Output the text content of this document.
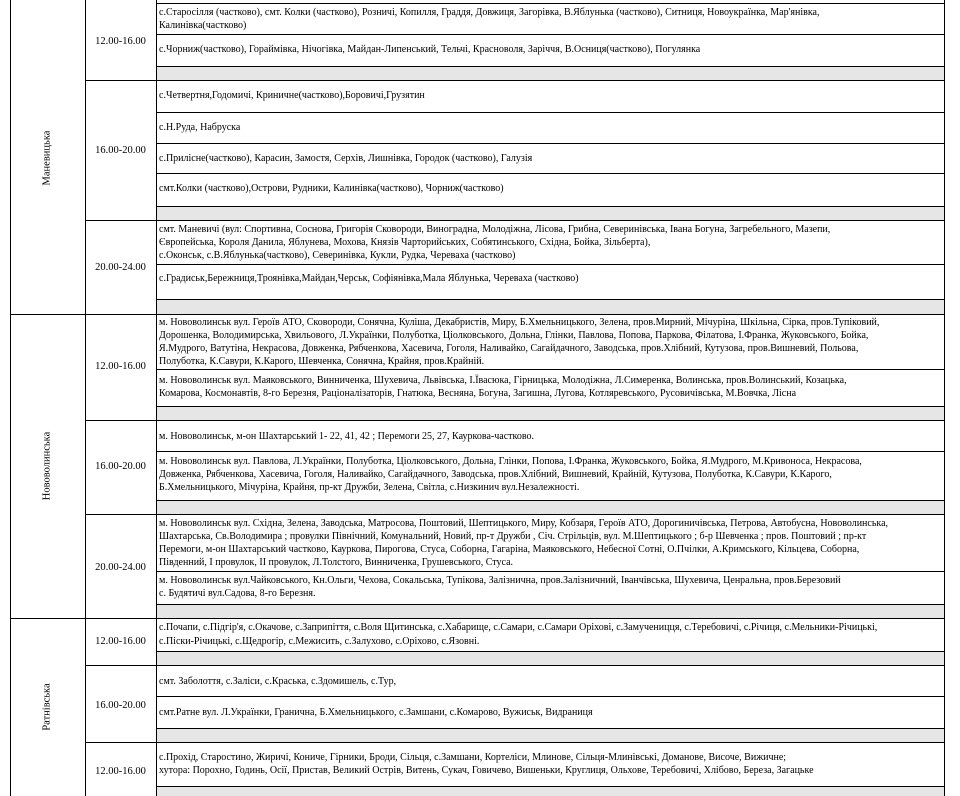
Маневицька
Нововолинська
Ратнівська
12.00-16.00
16.00-20.00
20.00-24.00
12.00-16.00
16.00-20.00
20.00-24.00
12.00-16.00
16.00-20.00
12.00-16.00
с.Старосілля (частково), смт. Колки (частково), Розничі, Копилля, Граддя, Довжиця, Загорівка, В.Яблунька (частково), Ситниця, Новоукраїнка, Мар'янівка,
Калинівка(частково)
с.Чорниж(частково), Гораймівка, Нічогівка, Майдан-Липенський, Тельчі, Красноволя, Заріччя, В.Осниця(частково), Погулянка
с.Четвертня,Годомичі, Криничне(частково),Боровичі,Грузятин
с.Н.Руда, Набруска
с.Прилісне(частково), Карасин, Замостя, Серхів, Лишнівка, Городок (частково), Галузія
смт.Колки (частково),Острови, Рудники, Калинівка(частково), Чорниж(частково)
смт. Маневичі (вул: Спортивна, Соснова, Григорія Сковороди, Виноградна, Молодіжна, Лісова, Грибна, Северинівська, Івана Богуна, Загребельного, Мазепи,
Європейська, Короля Данила, Яблунева, Мохова, Князів Чарторийських, Собятинського, Східна, Бойка, Зільберта),
с.Оконськ, с.В.Яблунька(частково), Северинівка, Кукли, Рудка, Череваха (частково)
с.Градиськ,Бережниця,Троянівка,Майдан,Черськ, Софіянівка,Мала Яблунька, Череваха (частково)
м. Нововолинськ вул. Героїв АТО, Сковороди, Сонячна, Куліша, Декабристів, Миру, Б.Хмельницького, Зелена, пров.Мирний, Мічуріна, Шкільна, Сірка, пров.Тупіковий,
Дорошенка, Володимирська, Хвильового, Л.Українки, Полуботка, Ціолковського, Дольна, Глінки, Павлова, Попова, Паркова, Філатова, І.Франка, Жуковського, Бойка,
Я.Мудрого, Ватутіна, Некрасова, Довженка, Рябченкова, Хасевича, Гоголя, Наливайко, Сагайдачного, Заводська, пров.Хлібний, Кутузова, пров.Вишневий, Польова,
Полуботка, К.Савури, К.Карого, Шевченка, Сонячна, Крайня, пров.Крайній.
м. Нововолинськ вул. Маяковського, Винниченка, Шухевича, Львівська, І.Ївасюка, Гірницька, Молодіжна, Л.Симеренка, Волинська, пров.Волинський, Козацька,
Комарова, Космонавтів, 8-го Березня, Раціоналізаторів, Гнатюка, Весняна, Богуна, Загишна, Лугова, Котляревського, Русовичівська, М.Вовчка, Лісна
м. Нововолинськ, м-он Шахтарський 1- 22, 41, 42 ; Перемоги 25, 27, Кауркова-частково.
м. Нововолинськ вул. Павлова, Л.Українки, Полуботка, Ціолковського, Дольна, Глінки, Попова, І.Франка, Жуковського, Бойка, Я.Мудрого, М.Кривоноса, Некрасова,
Довженка, Рябченкова, Хасевича, Гоголя, Наливайко, Сагайдачного, Заводська, пров.Хлібний, Вишневий, Крайній, Кутузова, Полуботка, К.Савури, К.Карого,
Б.Хмельницького, Мічуріна, Крайня, пр-кт Дружби, Зелена, Світла, с.Низкинич вул.Незалежності.
м. Нововолинськ вул. Східна, Зелена, Заводська, Матросова, Поштовий, Шептицького, Миру, Кобзаря, Героїв АТО, Дорогиничівська, Петрова, Автобусна, Нововолинська,
Шахтарська, Св.Володимира ; провулки Північний, Комунальний, Новий, пр-т Дружби , Січ. Стрільців, вул. М.Шептицького ; б-р Шевченка ; пров. Поштовий ; пр-кт
Перемоги, м-он Шахтарський частково, Кауркова, Пирогова, Стуса, Соборна, Гагаріна, Маяковського, Небесної Сотні, О.Пчілки, А.Кримського, Кільцева, Соборна,
Південний, І провулок, ІІ провулок, Л.Толстого, Винниченка, Грушевського, Стуса.
м. Нововолинськ вул.Чайковського, Кн.Ольги, Чехова, Сокальська, Тупікова, Залізнична, пров.Залізничний, Іванчівська, Шухевича, Ценральна, пров.Березовий
с. Будятичі вул.Садова, 8-го Березня.
с.Почапи, с.Підгір'я, с.Окачове, с.Заприпіття, с.Воля Щитинська, с.Хабарище, с.Самари, с.Самари Оріхові, с.Замученицця, с.Теребовичі, с.Річиця, с.Мельники-Річицькі,
с.Піски-Річицькі, с.Щедрогір, с.Межисить, с.Залухово, с.Оріхово, с.Язовні.
смт. Заболоття, с.Заліси, с.Краська, с.Здомишель, с.Тур,
смт.Ратне вул. Л.Українки, Гранична, Б.Хмельницького, с.Замшани, с.Комарово, Вужиськ, Видраниця
с.Прохід, Старостино, Жиричі, Кониче, Гірники, Броди, Сільця, с.Замшани, Кортеліси, Млинове, Сільця-Млинівські, Доманове, Височе, Вижичне;
хутора: Порохно, Годинь, Осії, Пристав, Великий Острів, Витень, Сукач, Говичево, Вишеньки, Круглиця, Ольхове, Теребовичі, Хлібово, Береза, Загацьке
